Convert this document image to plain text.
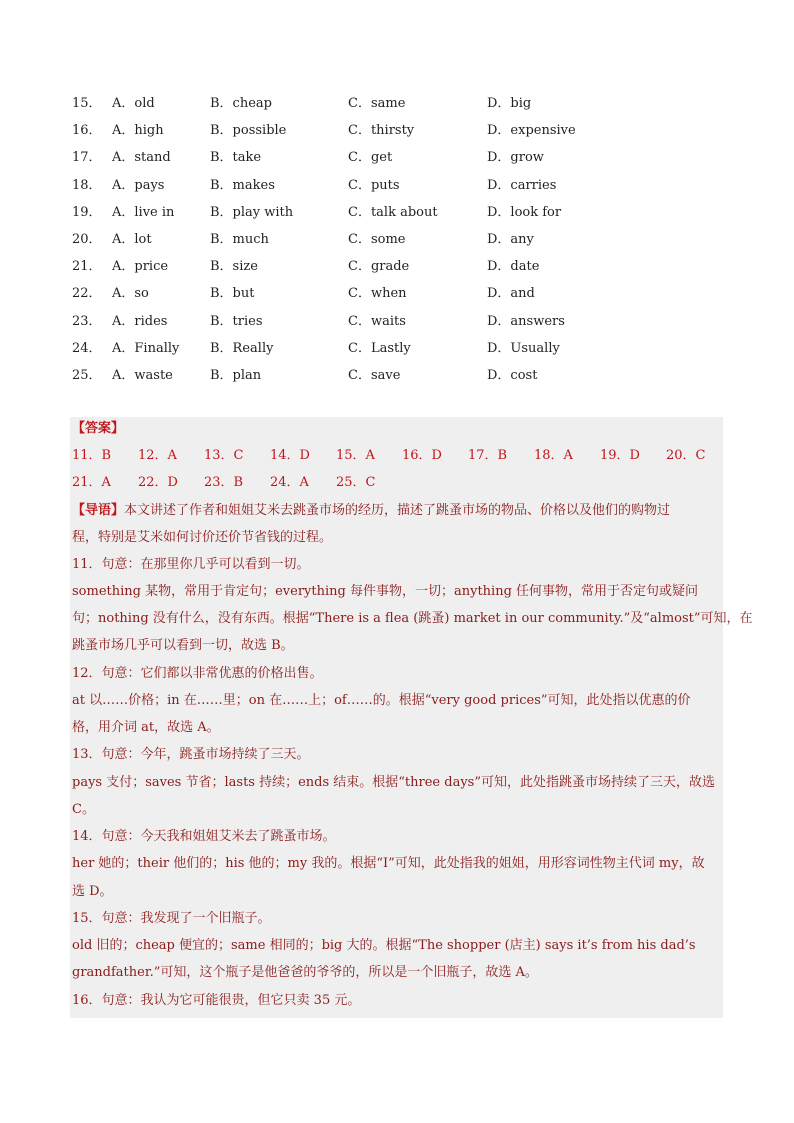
15． A．old	B．cheap	C．same	D．big
16． A．high	B．possible	C．thirsty	D．expensive
17． A．stand	B．take	C．get	D．grow
18． A．pays	B．makes	C．puts	D．carries
19． A．live in	B．play with	C．talk about	D．look for
20． A．lot	B．much	C．some	D．any
21． A．price	B．size	C．grade	D．date
22． A．so	B．but	C．when	D．and
23． A．rides	B．tries	C．waits	D．answers
24． A．Finally B．Really	C．Lastly	D．Usually
25． A．waste	B．plan	C．save	D．cost
【答案】
11．B 12．A 13．C 14．D 15．A 16．D 17．B 18．A 19．D 20．C
21．A 22．D 23．B 24．A 25．C
【导语】本文讲述了作者和姐姐艾米去跳蚤市场的经历，描述了跳蚤市场的物品、价格以及他们的购物过
程，特别是艾米如何讨价还价节省钱的过程。
11．句意：在那里你几乎可以看到一切。
something 某物，常用于肯定句；everything 每件事物，一切；anything 任何事物，常用于否定句或疑问
句；nothing 没有什么，没有东西。根据“There is a flea (跳蚤) market in our community.”及“almost”可知，在
跳蚤市场几乎可以看到一切，故选 B。
12．句意：它们都以非常优惠的价格出售。
at 以……价格；in 在……里；on 在……上；of……的。根据“very good prices”可知，此处指以优惠的价
格，用介词 at，故选 A。
13．句意：今年，跳蚤市场持续了三天。
pays 支付；saves 节省；lasts 持续；ends 结束。根据“three days”可知，此处指跳蚤市场持续了三天，故选
C。
14．句意：今天我和姐姐艾米去了跳蚤市场。
her 她的；their 他们的；his 他的；my 我的。根据“I”可知，此处指我的姐姐，用形容词性物主代词 my，故
选 D。
15．句意：我发现了一个旧瓶子。
old 旧的；cheap 便宜的；same 相同的；big 大的。根据“The shopper (店主) says it’s from his dad’s
grandfather.”可知，这个瓶子是他爸爸的爷爷的，所以是一个旧瓶子，故选 A。
16．句意：我认为它可能很贵，但它只卖 35 元。
